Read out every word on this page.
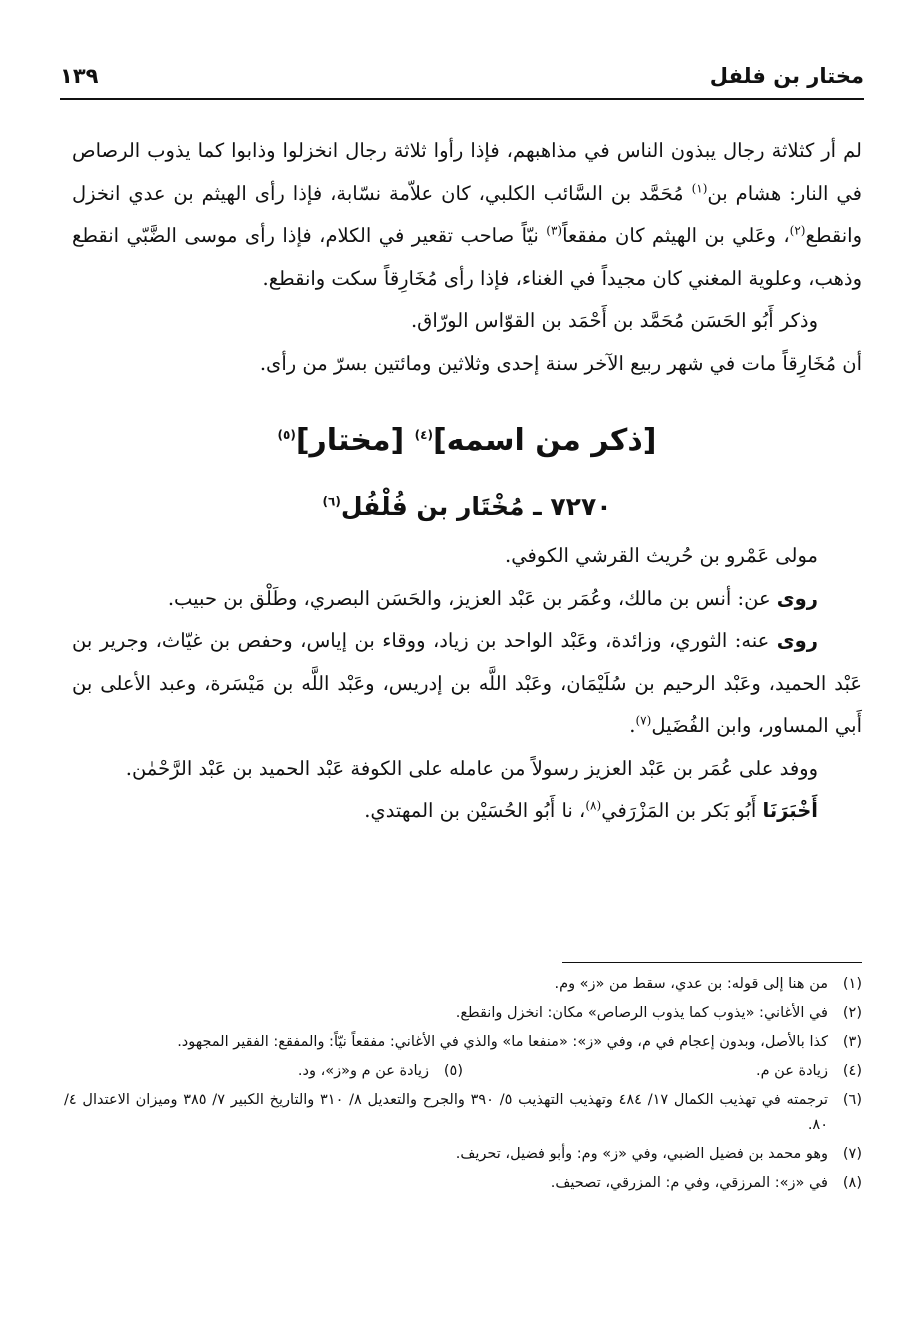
مختار بن فلفل
١٣٩

لم أر كثلاثة رجال يبذون الناس في مذاهبهم، فإذا رأوا ثلاثة رجال انخزلوا وذابوا كما يذوب الرصاص في النار: هشام بن$^{(١)}$ مُحَمَّد بن السَّائب الكلبي، كان علاّمة نسّابة، فإذا رأى الهيثم بن عدي انخزل وانقطع$^{(٢)}$، وعَلي بن الهيثم كان مفقعاً$^{(٣)}$ نيّاً صاحب تقعير في الكلام، فإذا رأى موسى الضَّبّي انقطع وذهب، وعلوية المغني كان مجيداً في الغناء، فإذا رأى مُخَارِقاً سكت وانقطع.

وذكر أَبُو الحَسَن مُحَمَّد بن أَحْمَد بن القوّاس الورّاق.

أن مُخَارِقاً مات في شهر ربيع الآخر سنة إحدى وثلاثين ومائتين بسرّ من رأى.

[ذكر من اسمه]$^{(٤)}$ [مختار]$^{(٥)}$
٧٢٧٠ ـ مُخْتَار بن فُلْفُل$^{(٦)}$

مولى عَمْرو بن حُريث القرشي الكوفي.

روى عن: أنس بن مالك، وعُمَر بن عَبْد العزيز، والحَسَن البصري، وطَلْق بن حبيب.

روى عنه: الثوري، وزائدة، وعَبْد الواحد بن زياد، ووقاء بن إياس، وحفص بن غيّاث، وجرير بن عَبْد الحميد، وعَبْد الرحيم بن سُلَيْمَان، وعَبْد اللَّه بن إدريس، وعَبْد اللَّه بن مَيْسَرة، وعبد الأعلى بن أَبي المساور، وابن الفُضَيل$^{(٧)}$.

ووفد على عُمَر بن عَبْد العزيز رسولاً من عامله على الكوفة عَبْد الحميد بن عَبْد الرَّحْمٰن.

أَخْبَرَنَا أَبُو بَكر بن المَزْرَفي$^{(٨)}$، نا أَبُو الحُسَيْن بن المهتدي.

(١)
من هنا إلى قوله: بن عدي، سقط من «ز» وم.
(٢)
في الأغاني: «يذوب كما يذوب الرصاص» مكان: انخزل وانقطع.
(٣)
كذا بالأصل، وبدون إعجام في م، وفي «ز»: «منفعا ما» والذي في الأغاني: مفقعاً نيّاً: والمفقع: الفقير المجهود.
(٤)
زيادة عن م.
(٥)
زيادة عن م و«ز»، ود.
(٦)
ترجمته في تهذيب الكمال ١٧/ ٤٨٤ وتهذيب التهذيب ٥/ ٣٩٠ والجرح والتعديل ٨/ ٣١٠ والتاريخ الكبير ٧/ ٣٨٥ وميزان الاعتدال ٤/ ٨٠.
(٧)
وهو محمد بن فضيل الضبي، وفي «ز» وم: وأبو فضيل، تحريف.
(٨)
في «ز»: المرزقي، وفي م: المزرقي، تصحيف.
